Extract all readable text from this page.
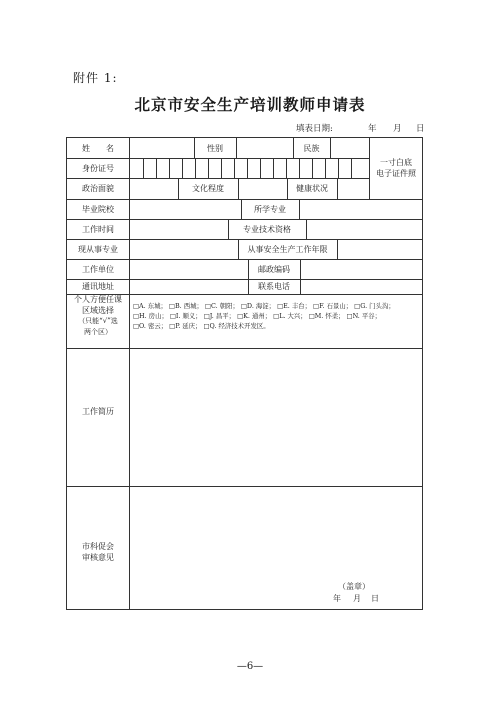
附件 1:
北京市安全生产培训教师申请表
填表日期:	年 月 日
姓　　名	性别	民族
一寸白底
电子证件照
身份证号
政治面貌	文化程度	健康状况
毕业院校	所学专业
工作时间	专业技术资格
现从事专业	从事安全生产工作年限
工作单位	邮政编码
通讯地址	联系电话
个人方便任课
区域选择
（只能“√”选
两个区）
□A. 东城； □B. 西城； □C. 朝阳； □D. 海淀； □E. 丰台； □F. 石景山； □G. 门头沟；
□H. 房山； □I. 顺义； □J. 昌平； □K. 通州； □L. 大兴； □M. 怀柔； □N. 平谷；
□O. 密云； □P. 延庆； □Q. 经济技术开发区。
工作简历
市科促会
审核意见
（盖章）
年 月 日
—6—
